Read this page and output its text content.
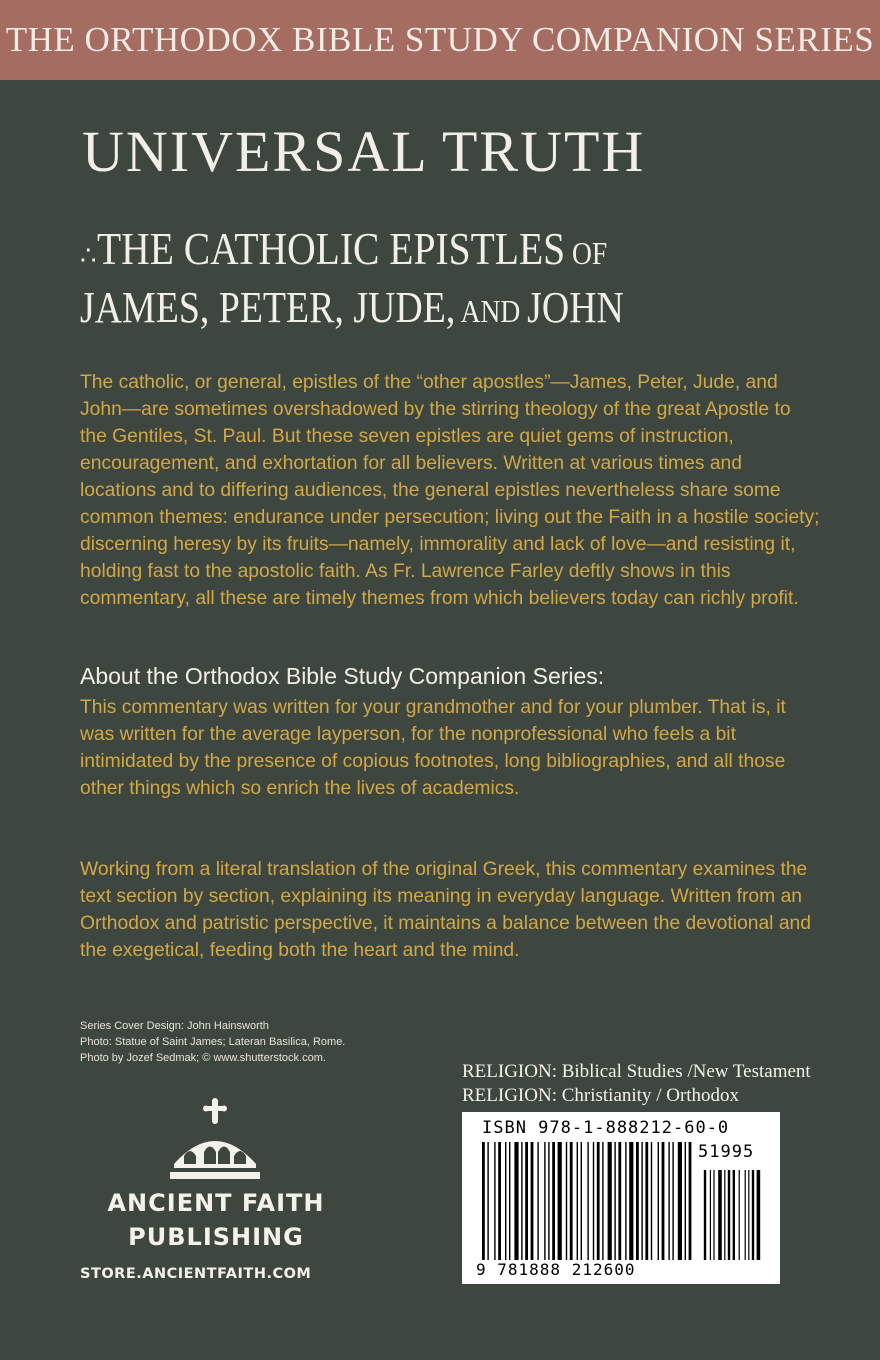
THE ORTHODOX BIBLE STUDY COMPANION SERIES
UNIVERSAL TRUTH
∴THE CATHOLIC EPISTLES OF
JAMES, PETER, JUDE, AND JOHN
The catholic, or general, epistles of the “other apostles”—James, Peter, Jude, and John—are sometimes overshadowed by the stirring theology of the great Apostle to the Gentiles, St. Paul. But these seven epistles are quiet gems of instruction, encouragement, and exhortation for all believers. Written at various times and locations and to differing audiences, the general epistles nevertheless share some common themes: endurance under persecution; living out the Faith in a hostile society; discerning heresy by its fruits—namely, immorality and lack of love—and resisting it, holding fast to the apostolic faith. As Fr. Lawrence Farley deftly shows in this commentary, all these are timely themes from which believers today can richly profit.
About the Orthodox Bible Study Companion Series:
This commentary was written for your grandmother and for your plumber. That is, it was written for the average layperson, for the nonprofessional who feels a bit intimidated by the presence of copious footnotes, long bibliographies, and all those other things which so enrich the lives of academics.
Working from a literal translation of the original Greek, this commentary examines the text section by section, explaining its meaning in everyday language. Written from an Orthodox and patristic perspective, it maintains a balance between the devotional and the exegetical, feeding both the heart and the mind.
Series Cover Design: John Hainsworth
Photo: Statue of Saint James; Lateran Basilica, Rome.
Photo by Jozef Sedmak; © www.shutterstock.com.
ANCIENT FAITH
PUBLISHING
STORE.ANCIENTFAITH.COM
RELIGION: Biblical Studies /New Testament
RELIGION: Christianity / Orthodox
ISBN 978-1-888212-60-0
51995
9 781888 212600
